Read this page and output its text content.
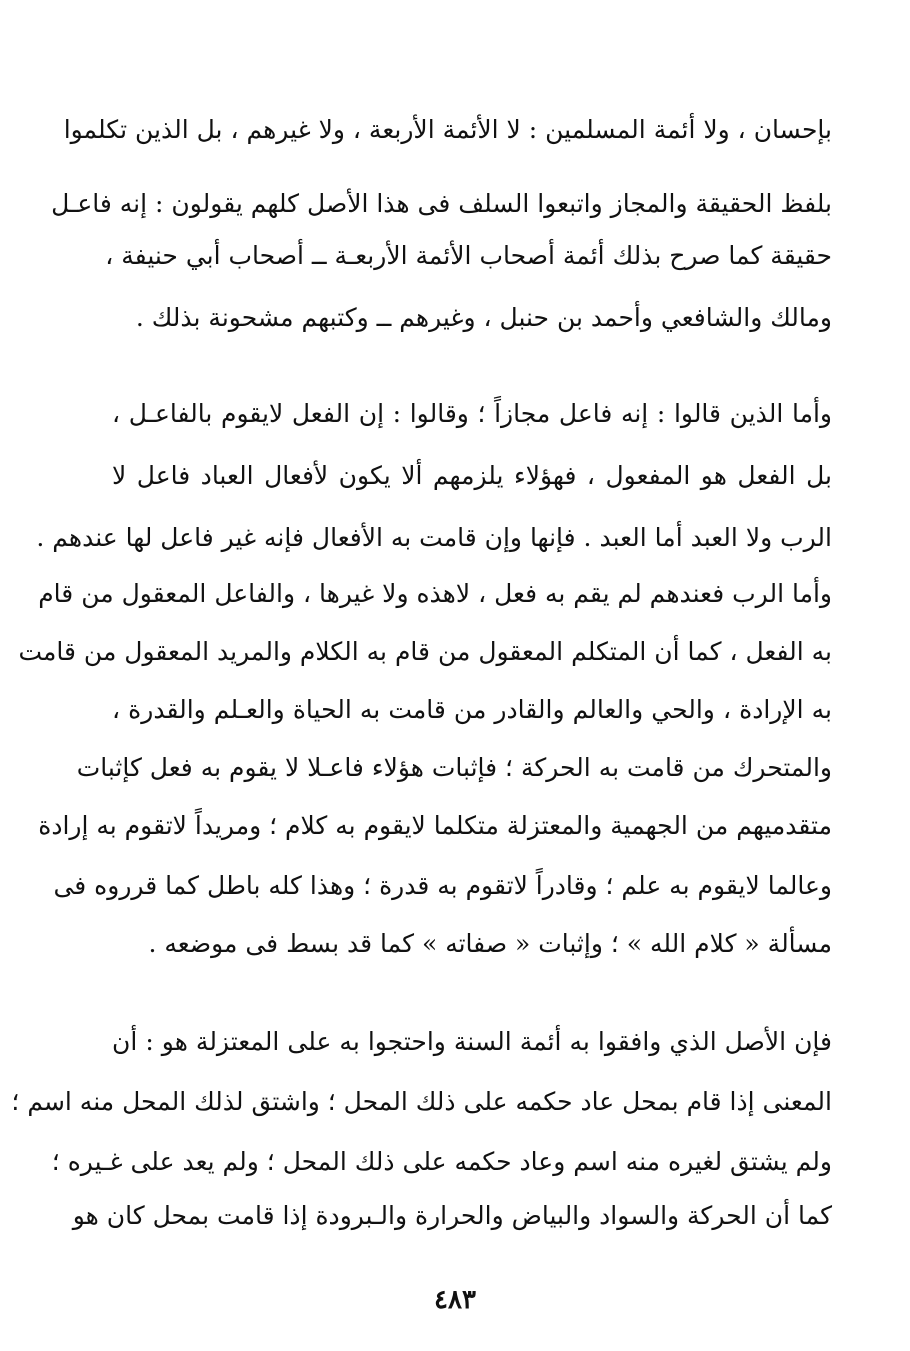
بإحسان ، ولا أئمة المسلمين : لا الأئمة الأربعة ، ولا غيرهم ، بل الذين تكلموا
بلفظ الحقيقة والمجاز واتبعوا السلف فى هذا الأصل كلهم يقولون : إنه فاعـل
حقيقة كما صرح بذلك أئمة أصحاب الأئمة الأربعـة ــ أصحاب أبي حنيفة ،
ومالك والشافعي وأحمد بن حنبل ، وغيرهم ــ وكتبهم مشحونة بذلك .
وأما الذين قالوا : إنه فاعل مجازاً ؛ وقالوا : إن الفعل لايقوم بالفاعـل ،
بل الفعل هو المفعول ، فهؤلاء يلزمهم ألا يكون لأفعال العباد فاعل لا
الرب ولا العبد أما العبد . فإنها وإن قامت به الأفعال فإنه غير فاعل لها عندهم .
وأما الرب فعندهم لم يقم به فعل ، لاهذه ولا غيرها ، والفاعل المعقول من قام
به الفعل ، كما أن المتكلم المعقول من قام به الكلام والمريد المعقول من قامت
به الإرادة ، والحي والعالم والقادر من قامت به الحياة والعـلم والقدرة ،
والمتحرك من قامت به الحركة ؛ فإثبات هؤلاء فاعـلا لا يقوم به فعل كإثبات
متقدميهم من الجهمية والمعتزلة متكلما لايقوم به كلام ؛ ومريداً لاتقوم به إرادة
وعالما لايقوم به علم ؛ وقادراً لاتقوم به قدرة ؛ وهذا كله باطل كما قرروه فى
مسألة « كلام الله » ؛ وإثبات « صفاته » كما قد بسط فى موضعه .
فإن الأصل الذي وافقوا به أئمة السنة واحتجوا به على المعتزلة هو : أن
المعنى إذا قام بمحل عاد حكمه على ذلك المحل ؛ واشتق لذلك المحل منه اسم ؛
ولم يشتق لغيره منه اسم وعاد حكمه على ذلك المحل ؛ ولم يعد على غـيره ؛
كما أن الحركة والسواد والبياض والحرارة والـبرودة إذا قامت بمحل كان هو
٤٨٣
